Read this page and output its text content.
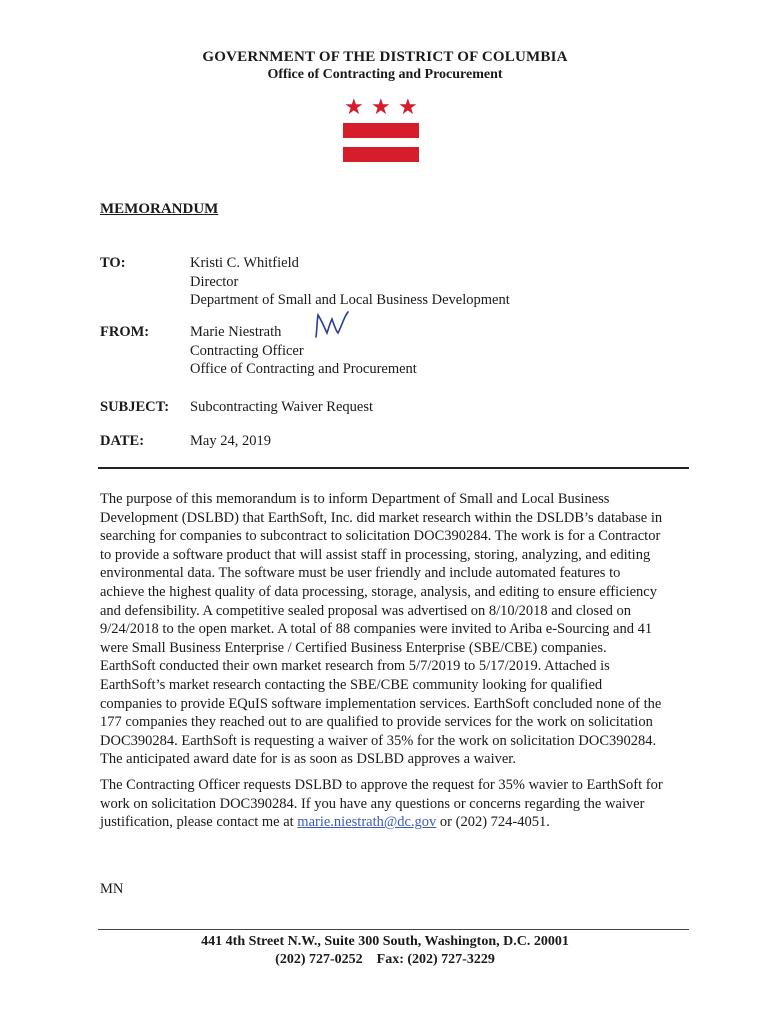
GOVERNMENT OF THE DISTRICT OF COLUMBIA
Office of Contracting and Procurement
★ ★ ★
MEMORANDUM
TO:	Kristi C. Whitfield
Director
Department of Small and Local Business Development
FROM:	Marie Niestrath
Contracting Officer
Office of Contracting and Procurement
SUBJECT:	Subcontracting Waiver Request
DATE:	May 24, 2019
The purpose of this memorandum is to inform Department of Small and Local Business
Development (DSLBD) that EarthSoft, Inc. did market research within the DSLDB’s database in
searching for companies to subcontract to solicitation DOC390284. The work is for a Contractor
to provide a software product that will assist staff in processing, storing, analyzing, and editing
environmental data. The software must be user friendly and include automated features to
achieve the highest quality of data processing, storage, analysis, and editing to ensure efficiency
and defensibility. A competitive sealed proposal was advertised on 8/10/2018 and closed on
9/24/2018 to the open market. A total of 88 companies were invited to Ariba e-Sourcing and 41
were Small Business Enterprise / Certified Business Enterprise (SBE/CBE) companies.
EarthSoft conducted their own market research from 5/7/2019 to 5/17/2019. Attached is
EarthSoft’s market research contacting the SBE/CBE community looking for qualified
companies to provide EQuIS software implementation services. EarthSoft concluded none of the
177 companies they reached out to are qualified to provide services for the work on solicitation
DOC390284. EarthSoft is requesting a waiver of 35% for the work on solicitation DOC390284.
The anticipated award date for is as soon as DSLBD approves a waiver.
The Contracting Officer requests DSLBD to approve the request for 35% wavier to EarthSoft for
work on solicitation DOC390284. If you have any questions or concerns regarding the waiver
justification, please contact me at marie.niestrath@dc.gov or (202) 724-4051.
MN
441 4th Street N.W., Suite 300 South, Washington, D.C. 20001
(202) 727-0252    Fax: (202) 727-3229
